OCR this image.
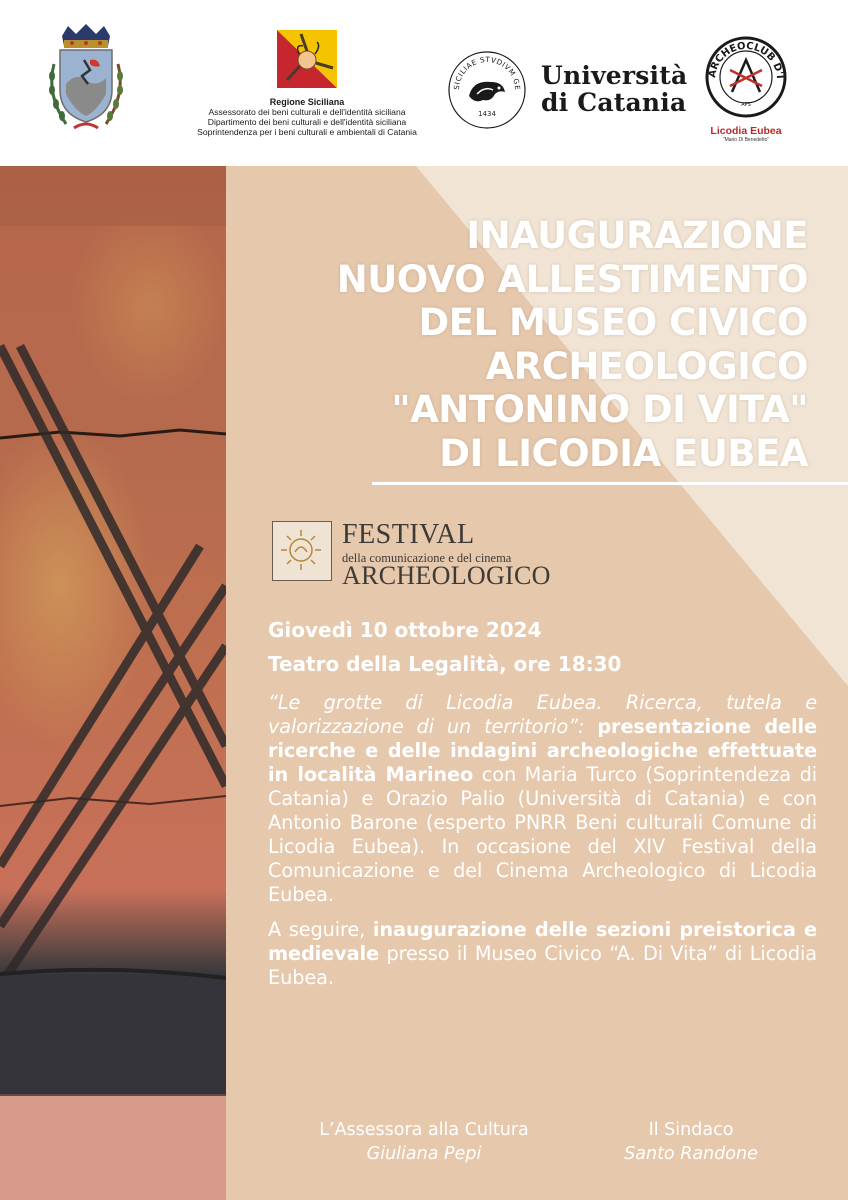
Regione Siciliana
Assessorato dei beni culturali e dell'identità siciliana
Dipartimento dei beni culturali e dell'identità siciliana
Soprintendenza per i beni culturali e ambientali di Catania
SICILIAE STVDIVM GE
1434
Università
di Catania
ARCHEOCLUB D'I
APS
Licodia Eubea
"Mario Di Benedetto"
INAUGURAZIONE
NUOVO ALLESTIMENTO
DEL MUSEO CIVICO
ARCHEOLOGICO
"ANTONINO DI VITA"
DI LICODIA EUBEA
FESTIVAL
della comunicazione e del cinema
ARCHEOLOGICO
Giovedì 10 ottobre 2024
Teatro della Legalità, ore 18:30

“Le grotte di Licodia Eubea. Ricerca, tutela e valorizzazione di un territorio”: presentazione delle ricerche e delle indagini archeologiche effettuate in località Marineo con Maria Turco (Soprintendeza di Catania) e Orazio Palio (Università di Catania) e con Antonio Barone (esperto PNRR Beni culturali Comune di Licodia Eubea). In occasione del XIV Festival della Comunicazione e del Cinema Archeologico di Licodia Eubea.

A seguire, inaugurazione delle sezioni preistorica e medievale presso il Museo Civico “A. Di Vita” di Licodia Eubea.

L’Assessora alla Cultura
Giuliana Pepi
Il Sindaco
Santo Randone
